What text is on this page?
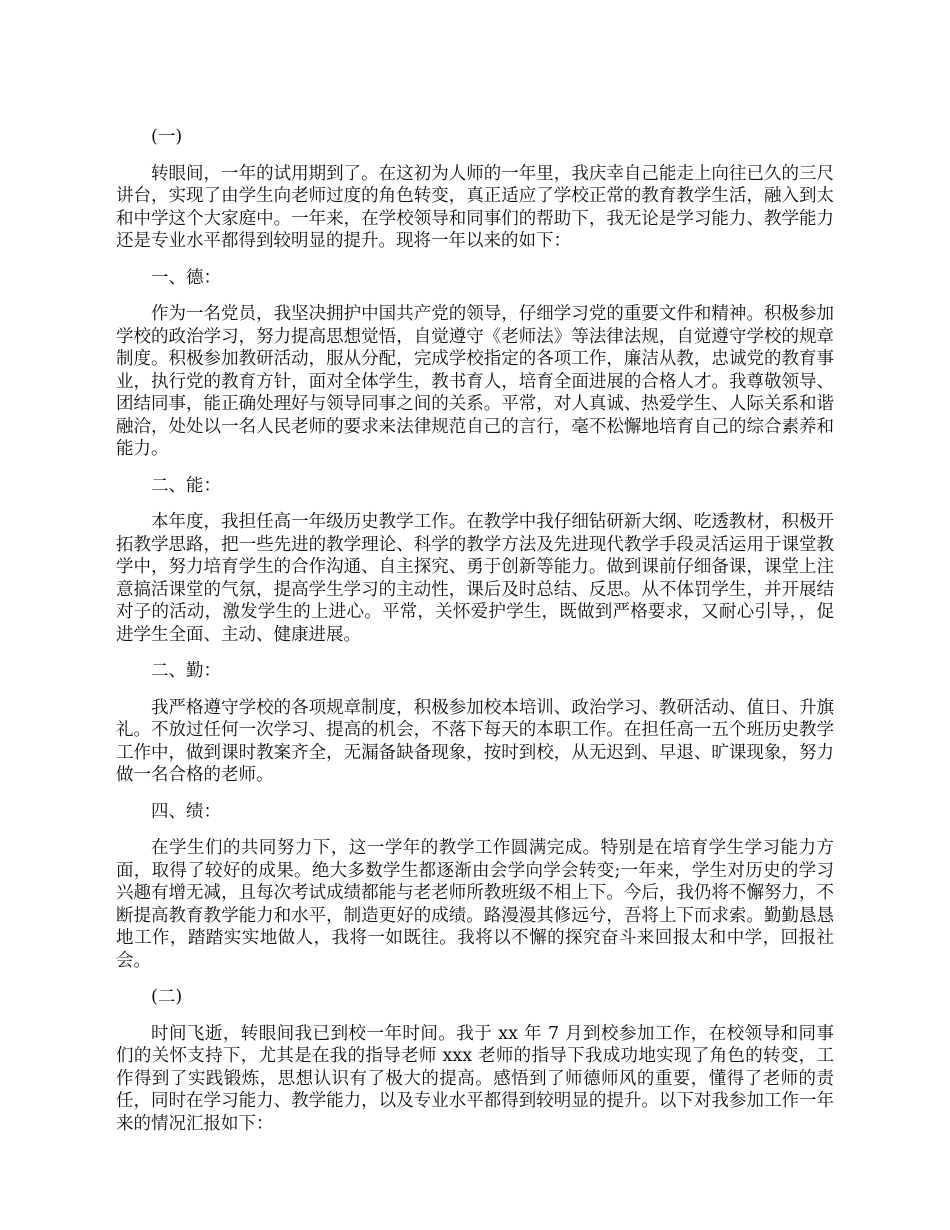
(一)

转眼间，一年的试用期到了。在这初为人师的一年里，我庆幸自己能走上向往已久的三尺讲台，实现了由学生向老师过度的角色转变，真正适应了学校正常的教育教学生活，融入到太和中学这个大家庭中。一年来，在学校领导和同事们的帮助下，我无论是学习能力、教学能力还是专业水平都得到较明显的提升。现将一年以来的如下：

一、德：

作为一名党员，我坚决拥护中国共产党的领导，仔细学习党的重要文件和精神。积极参加学校的政治学习，努力提高思想觉悟，自觉遵守《老师法》等法律法规，自觉遵守学校的规章制度。积极参加教研活动，服从分配，完成学校指定的各项工作，廉洁从教，忠诚党的教育事业，执行党的教育方针，面对全体学生，教书育人，培育全面进展的合格人才。我尊敬领导、团结同事，能正确处理好与领导同事之间的关系。平常，对人真诚、热爱学生、人际关系和谐融洽，处处以一名人民老师的要求来法律规范自己的言行，毫不松懈地培育自己的综合素养和能力。

二、能：

本年度，我担任高一年级历史教学工作。在教学中我仔细钻研新大纲、吃透教材，积极开拓教学思路，把一些先进的教学理论、科学的教学方法及先进现代教学手段灵活运用于课堂教学中，努力培育学生的合作沟通、自主探究、勇于创新等能力。做到课前仔细备课，课堂上注意搞活课堂的气氛，提高学生学习的主动性，课后及时总结、反思。从不体罚学生，并开展结对子的活动，激发学生的上进心。平常，关怀爱护学生，既做到严格要求，又耐心引导，，促进学生全面、主动、健康进展。

二、勤：

我严格遵守学校的各项规章制度，积极参加校本培训、政治学习、教研活动、值日、升旗礼。不放过任何一次学习、提高的机会，不落下每天的本职工作。在担任高一五个班历史教学工作中，做到课时教案齐全，无漏备缺备现象，按时到校，从无迟到、早退、旷课现象，努力做一名合格的老师。

四、绩：

在学生们的共同努力下，这一学年的教学工作圆满完成。特别是在培育学生学习能力方面，取得了较好的成果。绝大多数学生都逐渐由会学向学会转变;一年来，学生对历史的学习兴趣有增无减，且每次考试成绩都能与老老师所教班级不相上下。今后，我仍将不懈努力，不断提高教育教学能力和水平，制造更好的成绩。路漫漫其修远兮，吾将上下而求索。勤勤恳恳地工作，踏踏实实地做人，我将一如既往。我将以不懈的探究奋斗来回报太和中学，回报社会。

(二)

时间飞逝，转眼间我已到校一年时间。我于 xx 年 7 月到校参加工作，在校领导和同事们的关怀支持下，尤其是在我的指导老师 xxx 老师的指导下我成功地实现了角色的转变，工作得到了实践锻炼，思想认识有了极大的提高。感悟到了师德师风的重要，懂得了老师的责任，同时在学习能力、教学能力，以及专业水平都得到较明显的提升。以下对我参加工作一年来的情况汇报如下：
